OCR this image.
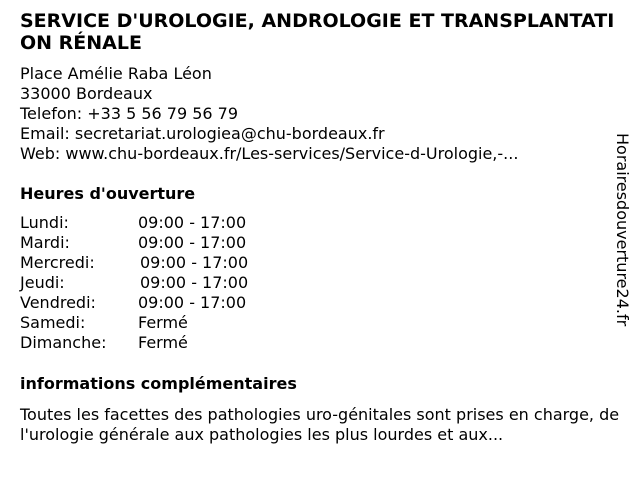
SERVICE D'UROLOGIE, ANDROLOGIE ET TRANSPLANTATION RÉNALE
Place Amélie Raba Léon
33000 Bordeaux
Telefon: +33 5 56 79 56 79
Email: secretariat.urologiea@chu-bordeaux.fr
Web: www.chu-bordeaux.fr/Les-services/Service-d-Urologie,-...
Heures d'ouverture
Lundi:	09:00 - 17:00
Mardi:	09:00 - 17:00
Mercredi:	09:00 - 17:00
Jeudi:	09:00 - 17:00
Vendredi:	09:00 - 17:00
Samedi:	Fermé
Dimanche:	Fermé
informations complémentaires
Toutes les facettes des pathologies uro-génitales sont prises en charge, de l'urologie générale aux pathologies les plus lourdes et aux...
Horairesdouverture24.fr
